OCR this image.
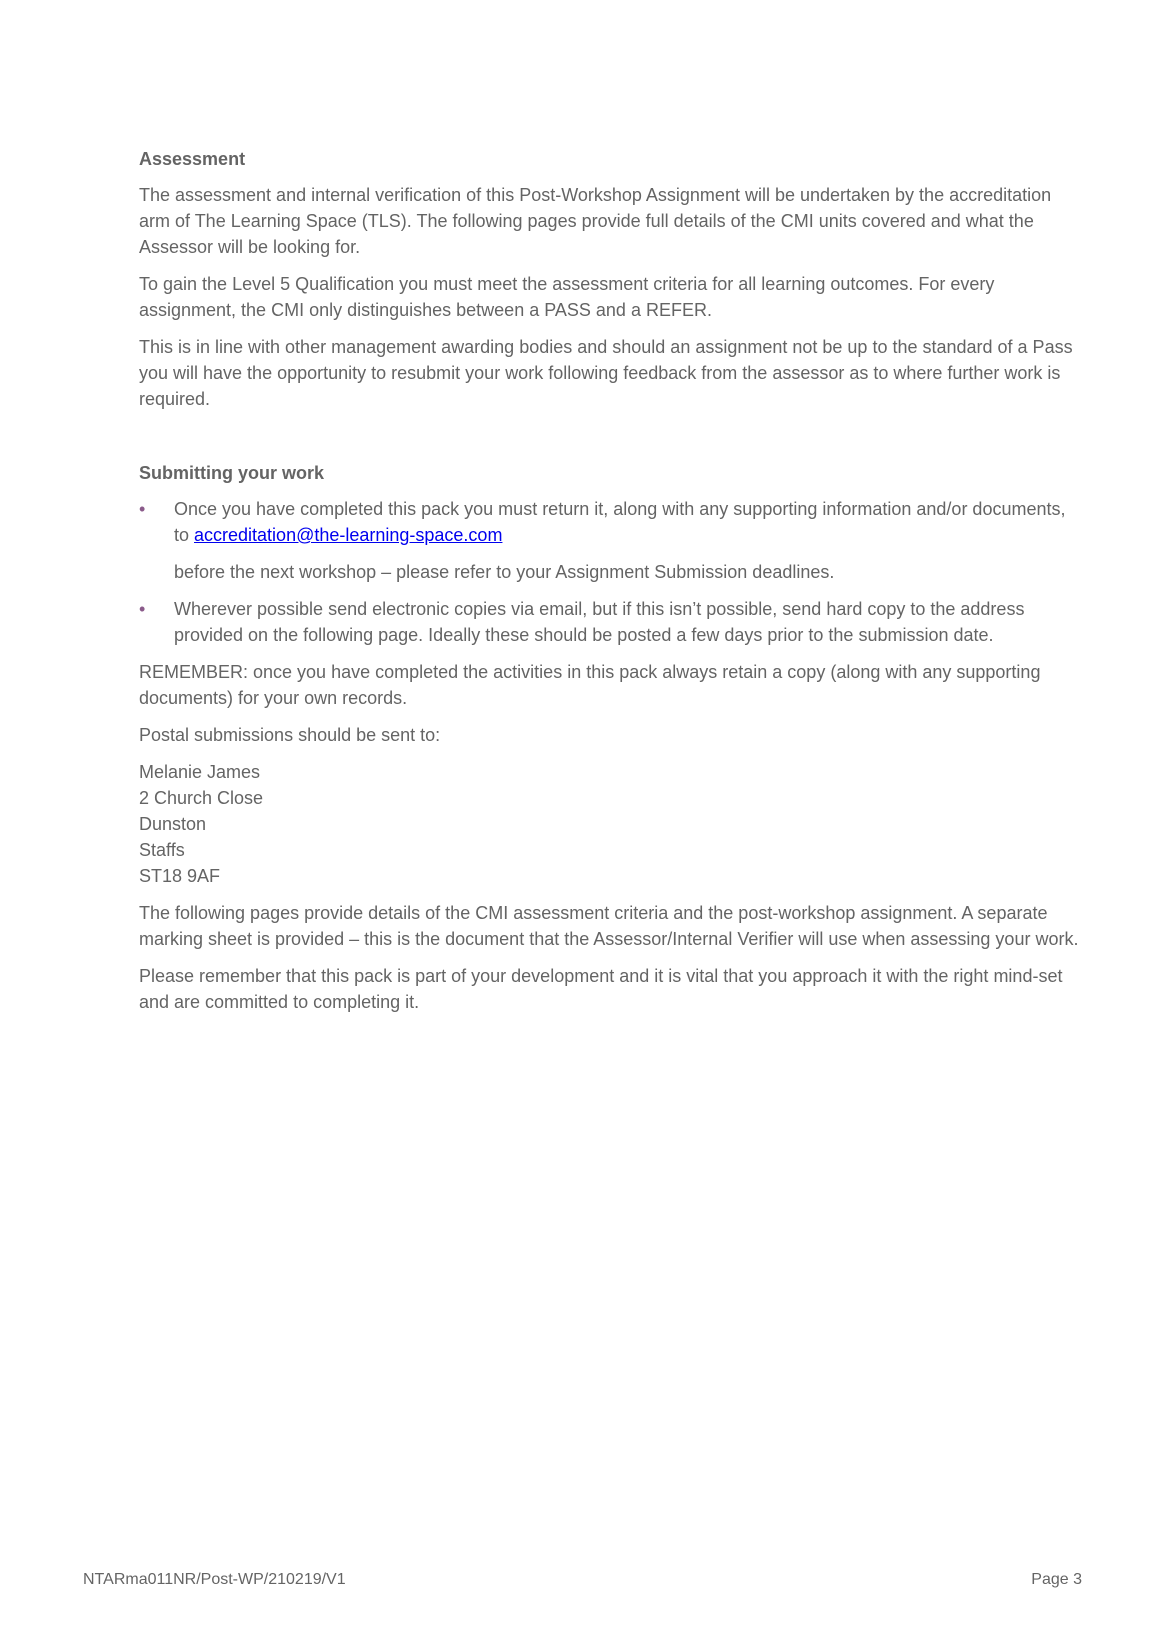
Assessment

The assessment and internal verification of this Post-Workshop Assignment will be undertaken by the accreditation arm of The Learning Space (TLS). The following pages provide full details of the CMI units covered and what the Assessor will be looking for.

To gain the Level 5 Qualification you must meet the assessment criteria for all learning outcomes. For every assignment, the CMI only distinguishes between a PASS and a REFER.

This is in line with other management awarding bodies and should an assignment not be up to the standard of a Pass you will have the opportunity to resubmit your work following feedback from the assessor as to where further work is required.

Submitting your work
• Once you have completed this pack you must return it, along with any supporting information and/or documents, to accreditation@the-learning-space.com

before the next workshop – please refer to your Assignment Submission deadlines.

• Wherever possible send electronic copies via email, but if this isn’t possible, send hard copy to the address provided on the following page. Ideally these should be posted a few days prior to the submission date.

REMEMBER: once you have completed the activities in this pack always retain a copy (along with any supporting documents) for your own records.

Postal submissions should be sent to:

Melanie James

2 Church Close

Dunston

Staffs

ST18 9AF

The following pages provide details of the CMI assessment criteria and the post-workshop assignment. A separate marking sheet is provided – this is the document that the Assessor/Internal Verifier will use when assessing your work.

Please remember that this pack is part of your development and it is vital that you approach it with the right mind-set and are committed to completing it.

NTARma011NR/Post-WP/210219/V1	Page 3
